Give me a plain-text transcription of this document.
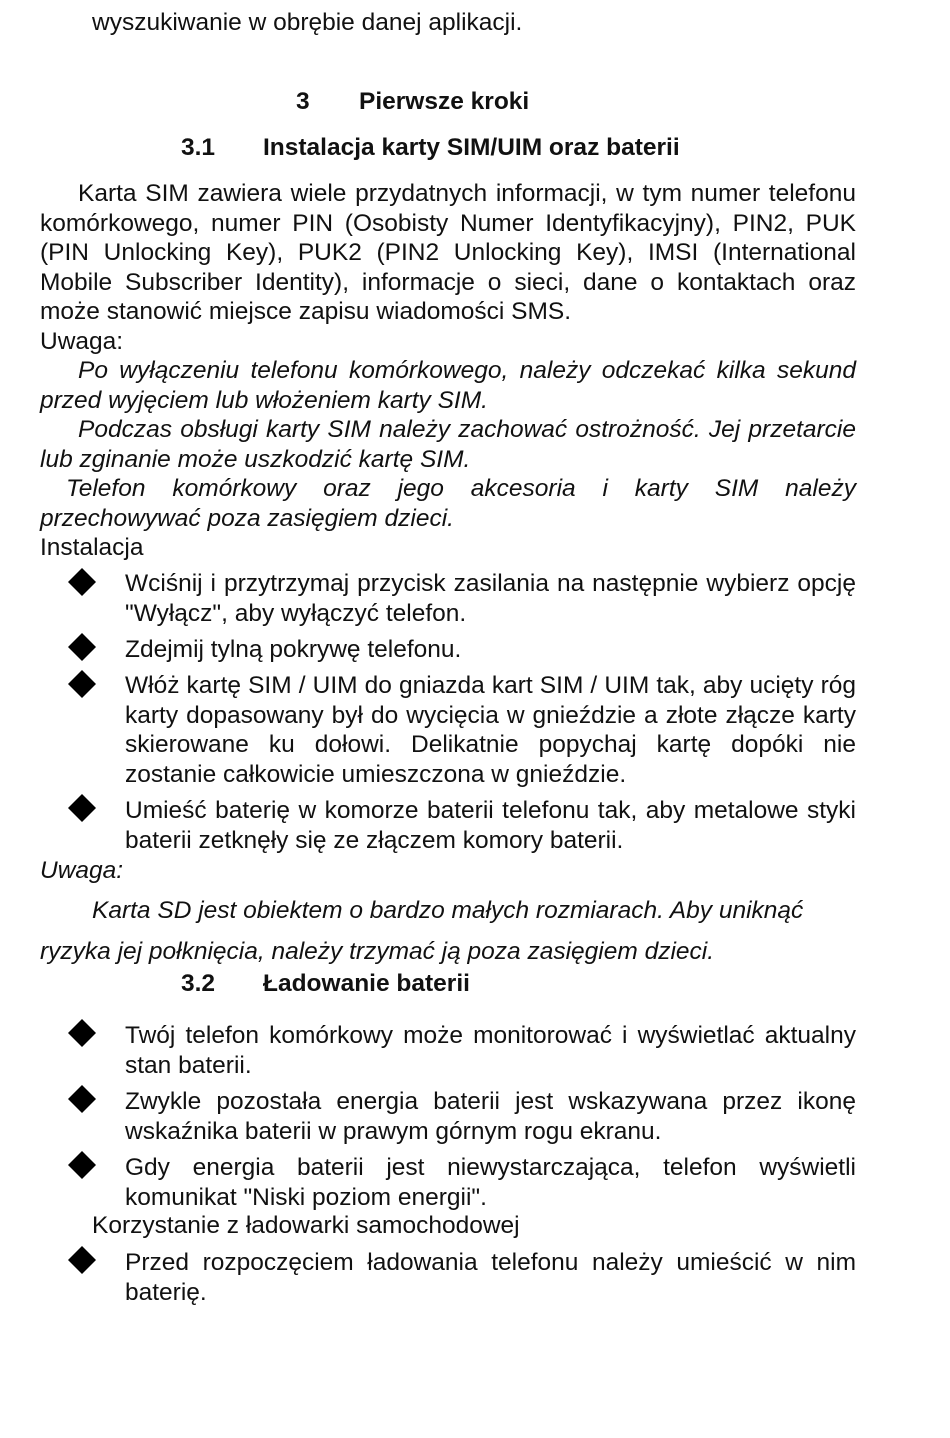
wyszukiwanie w obrębie danej aplikacji.
3 Pierwsze kroki
3.1 Instalacja karty SIM/UIM oraz baterii
Karta SIM zawiera wiele przydatnych informacji, w tym numer telefonu komórkowego, numer PIN (Osobisty Numer Identyfikacyjny), PIN2, PUK (PIN Unlocking Key), PUK2 (PIN2 Unlocking Key), IMSI (International Mobile Subscriber Identity), informacje o sieci, dane o kontaktach oraz może stanowić miejsce zapisu wiadomości SMS.
Uwaga:
Po wyłączeniu telefonu komórkowego, należy odczekać kilka sekund przed wyjęciem lub włożeniem karty SIM.
Podczas obsługi karty SIM należy zachować ostrożność. Jej przetarcie lub zginanie może uszkodzić kartę SIM.
Telefon komórkowy oraz jego akcesoria i karty SIM należy przechowywać poza zasięgiem dzieci.
Instalacja
Wciśnij i przytrzymaj przycisk zasilania na następnie wybierz opcję "Wyłącz", aby wyłączyć telefon.
Zdejmij tylną pokrywę telefonu.
Włóż kartę SIM / UIM do gniazda kart SIM / UIM tak, aby ucięty róg karty dopasowany był do wycięcia w gnieździe a złote złącze karty skierowane ku dołowi. Delikatnie popychaj kartę dopóki nie zostanie całkowicie umieszczona w gnieździe.
Umieść baterię w komorze baterii telefonu tak, aby metalowe styki baterii zetknęły się ze złączem komory baterii.
Uwaga:
Karta SD jest obiektem o bardzo małych rozmiarach. Aby uniknąć
ryzyka jej połknięcia, należy trzymać ją poza zasięgiem dzieci.
3.2 Ładowanie baterii
Twój telefon komórkowy może monitorować i wyświetlać aktualny stan baterii.
Zwykle pozostała energia baterii jest wskazywana przez ikonę wskaźnika baterii w prawym górnym rogu ekranu.
Gdy energia baterii jest niewystarczająca, telefon wyświetli komunikat "Niski poziom energii".
Korzystanie z ładowarki samochodowej
Przed rozpoczęciem ładowania telefonu należy umieścić w nim baterię.
